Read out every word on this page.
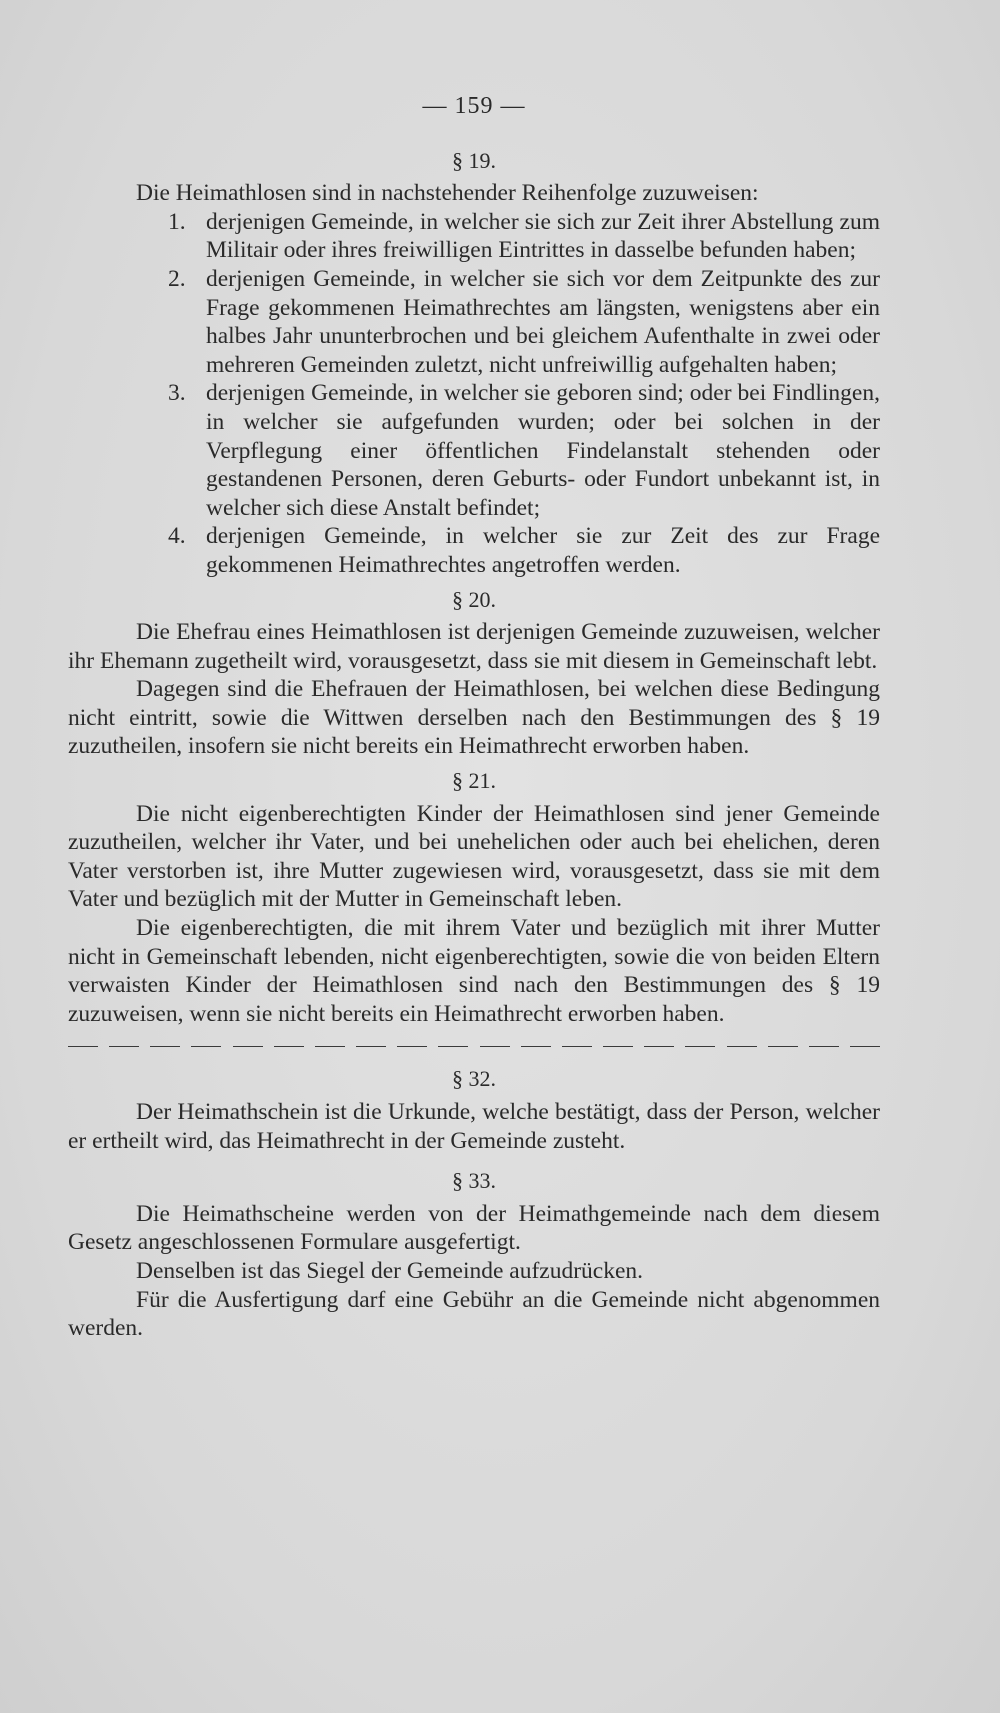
— 159 —
§ 19.

Die Heimathlosen sind in nachstehender Reihenfolge zuzuweisen:

1. derjenigen Gemeinde, in welcher sie sich zur Zeit ihrer Abstellung zum Militair oder ihres freiwilligen Eintrittes in dasselbe befunden haben;

2. derjenigen Gemeinde, in welcher sie sich vor dem Zeitpunkte des zur Frage gekommenen Heimathrechtes am längsten, wenigstens aber ein halbes Jahr ununterbrochen und bei gleichem Aufenthalte in zwei oder mehreren Gemeinden zuletzt, nicht unfreiwillig aufgehalten haben;

3. derjenigen Gemeinde, in welcher sie geboren sind; oder bei Findlingen, in welcher sie aufgefunden wurden; oder bei solchen in der Verpflegung einer öffentlichen Findelanstalt stehenden oder gestandenen Personen, deren Geburts- oder Fundort unbekannt ist, in welcher sich diese Anstalt befindet;

4. derjenigen Gemeinde, in welcher sie zur Zeit des zur Frage gekommenen Heimathrechtes angetroffen werden.

§ 20.

Die Ehefrau eines Heimathlosen ist derjenigen Gemeinde zuzuweisen, welcher ihr Ehemann zugetheilt wird, vorausgesetzt, dass sie mit diesem in Gemeinschaft lebt.

Dagegen sind die Ehefrauen der Heimathlosen, bei welchen diese Bedingung nicht eintritt, sowie die Wittwen derselben nach den Bestimmungen des § 19 zuzutheilen, insofern sie nicht bereits ein Heimathrecht erworben haben.

§ 21.

Die nicht eigenberechtigten Kinder der Heimathlosen sind jener Gemeinde zuzutheilen, welcher ihr Vater, und bei unehelichen oder auch bei ehelichen, deren Vater verstorben ist, ihre Mutter zugewiesen wird, vorausgesetzt, dass sie mit dem Vater und bezüglich mit der Mutter in Gemeinschaft leben.

Die eigenberechtigten, die mit ihrem Vater und bezüglich mit ihrer Mutter nicht in Gemeinschaft lebenden, nicht eigenberechtigten, sowie die von beiden Eltern verwaisten Kinder der Heimathlosen sind nach den Bestimmungen des § 19 zuzuweisen, wenn sie nicht bereits ein Heimathrecht erworben haben.

§ 32.

Der Heimathschein ist die Urkunde, welche bestätigt, dass der Person, welcher er ertheilt wird, das Heimathrecht in der Gemeinde zusteht.

§ 33.

Die Heimathscheine werden von der Heimathgemeinde nach dem diesem Gesetz angeschlossenen Formulare ausgefertigt.

Denselben ist das Siegel der Gemeinde aufzudrücken.

Für die Ausfertigung darf eine Gebühr an die Gemeinde nicht abgenommen werden.
